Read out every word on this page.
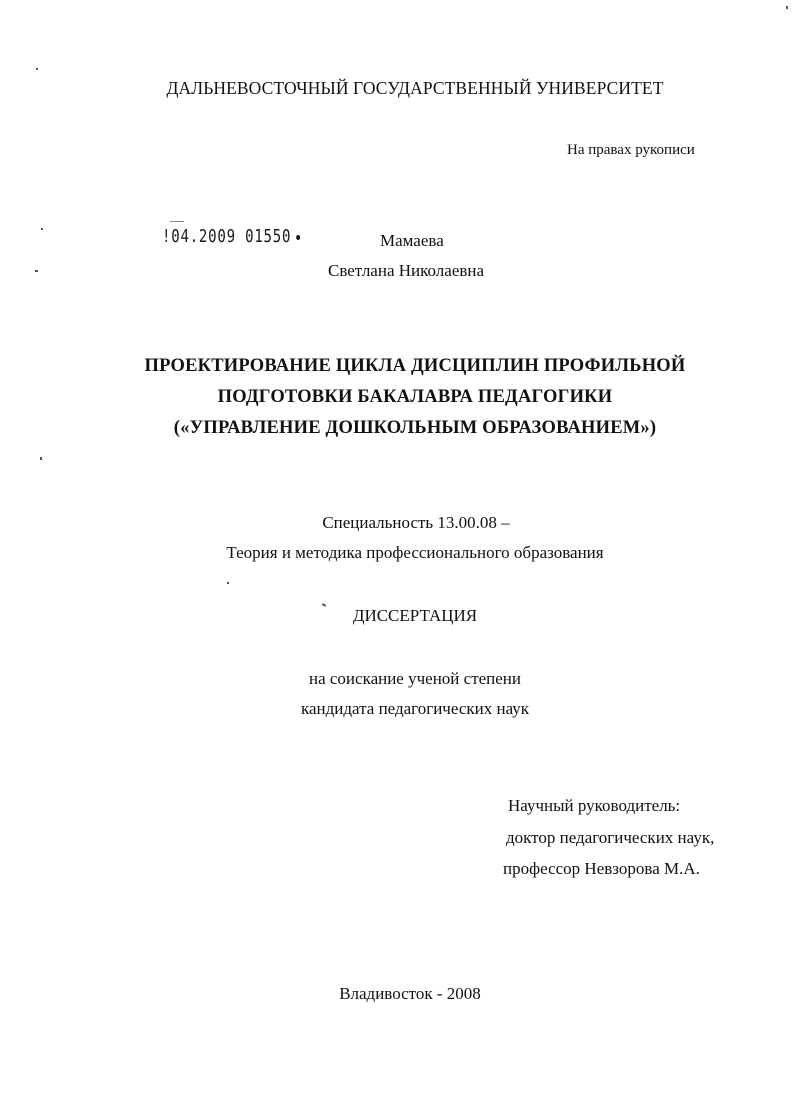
ДАЛЬНЕВОСТОЧНЫЙ ГОСУДАРСТВЕННЫЙ УНИВЕРСИТЕТ
На правах рукописи
!04.2009 01550	Мамаева
Светлана Николаевна
ПРОЕКТИРОВАНИЕ ЦИКЛА ДИСЦИПЛИН ПРОФИЛЬНОЙ
ПОДГОТОВКИ БАКАЛАВРА ПЕДАГОГИКИ
(«УПРАВЛЕНИЕ ДОШКОЛЬНЫМ ОБРАЗОВАНИЕМ»)
Специальность 13.00.08 –
Теория и методика профессионального образования
ДИССЕРТАЦИЯ
на соискание ученой степени
кандидата педагогических наук
Научный руководитель:
доктор педагогических наук,
профессор Невзорова М.А.
Владивосток - 2008
